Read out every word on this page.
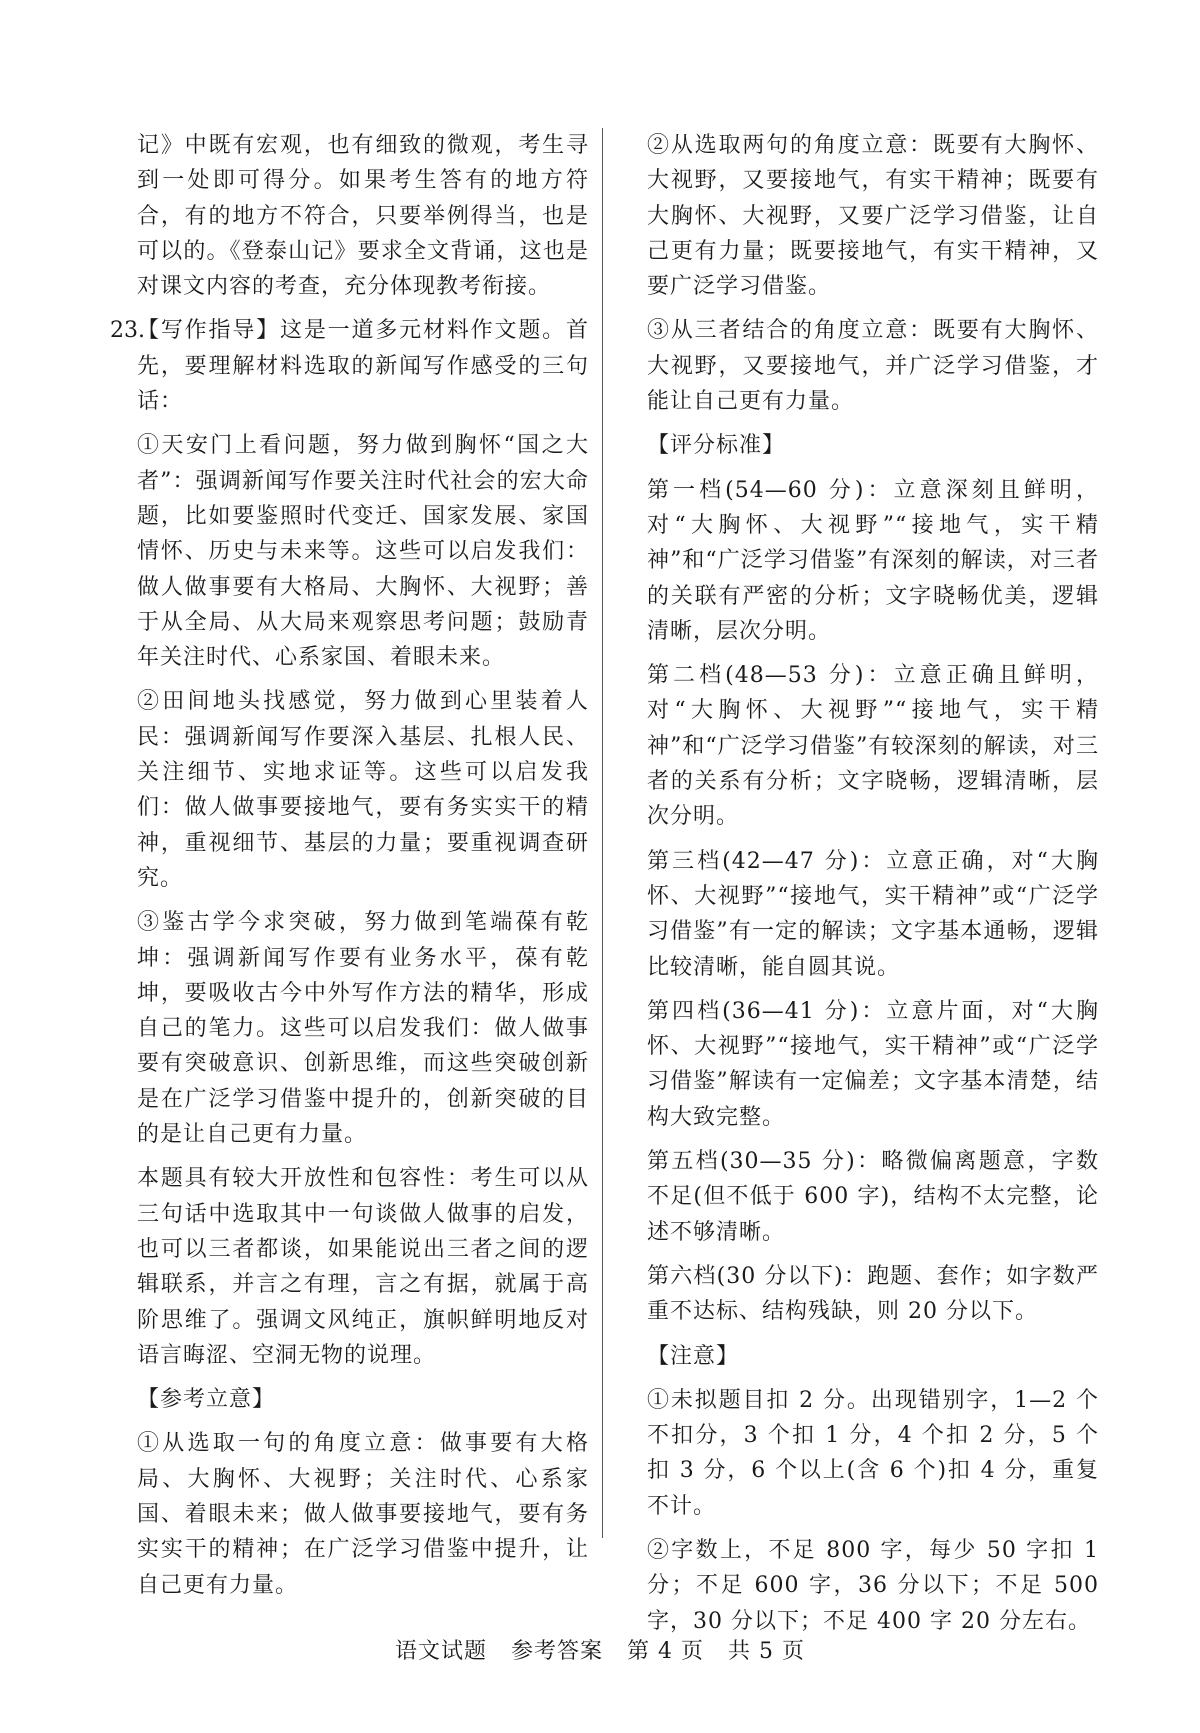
记》中既有宏观，也有细致的微观，考生寻到一处即可得分。如果考生答有的地方符合，有的地方不符合，只要举例得当，也是可以的。《登泰山记》要求全文背诵，这也是对课文内容的考查，充分体现教考衔接。

23.

【写作指导】这是一道多元材料作文题。首先，要理解材料选取的新闻写作感受的三句话：

①天安门上看问题，努力做到胸怀“国之大者”：强调新闻写作要关注时代社会的宏大命题，比如要鉴照时代变迁、国家发展、家国情怀、历史与未来等。这些可以启发我们：做人做事要有大格局、大胸怀、大视野；善于从全局、从大局来观察思考问题；鼓励青年关注时代、心系家国、着眼未来。

②田间地头找感觉，努力做到心里装着人民：强调新闻写作要深入基层、扎根人民、关注细节、实地求证等。这些可以启发我们：做人做事要接地气，要有务实实干的精神，重视细节、基层的力量；要重视调查研究。

③鉴古学今求突破，努力做到笔端葆有乾坤：强调新闻写作要有业务水平，葆有乾坤，要吸收古今中外写作方法的精华，形成自己的笔力。这些可以启发我们：做人做事要有突破意识、创新思维，而这些突破创新是在广泛学习借鉴中提升的，创新突破的目的是让自己更有力量。

本题具有较大开放性和包容性：考生可以从三句话中选取其中一句谈做人做事的启发，也可以三者都谈，如果能说出三者之间的逻辑联系，并言之有理，言之有据，就属于高阶思维了。强调文风纯正，旗帜鲜明地反对语言晦涩、空洞无物的说理。

【参考立意】

①从选取一句的角度立意：做事要有大格局、大胸怀、大视野；关注时代、心系家国、着眼未来；做人做事要接地气，要有务实实干的精神；在广泛学习借鉴中提升，让自己更有力量。

②从选取两句的角度立意：既要有大胸怀、大视野，又要接地气，有实干精神；既要有大胸怀、大视野，又要广泛学习借鉴，让自己更有力量；既要接地气，有实干精神，又要广泛学习借鉴。

③从三者结合的角度立意：既要有大胸怀、大视野，又要接地气，并广泛学习借鉴，才能让自己更有力量。

【评分标准】

第一档(54—60 分)：立意深刻且鲜明，对“大胸怀、大视野”“接地气，实干精神”和“广泛学习借鉴”有深刻的解读，对三者的关联有严密的分析；文字晓畅优美，逻辑清晰，层次分明。

第二档(48—53 分)：立意正确且鲜明，对“大胸怀、大视野”“接地气，实干精神”和“广泛学习借鉴”有较深刻的解读，对三者的关系有分析；文字晓畅，逻辑清晰，层次分明。

第三档(42—47 分)：立意正确，对“大胸怀、大视野”“接地气，实干精神”或“广泛学习借鉴”有一定的解读；文字基本通畅，逻辑比较清晰，能自圆其说。

第四档(36—41 分)：立意片面，对“大胸怀、大视野”“接地气，实干精神”或“广泛学习借鉴”解读有一定偏差；文字基本清楚，结构大致完整。

第五档(30—35 分)：略微偏离题意，字数不足(但不低于 600 字)，结构不太完整，论述不够清晰。

第六档(30 分以下)：跑题、套作；如字数严重不达标、结构残缺，则 20 分以下。

【注意】

①未拟题目扣 2 分。出现错别字，1—2 个不扣分，3 个扣 1 分，4 个扣 2 分，5 个扣 3 分，6 个以上(含 6 个)扣 4 分，重复不计。

②字数上，不足 800 字，每少 50 字扣 1 分；不足 600 字，36 分以下；不足 500 字，30 分以下；不足 400 字 20 分左右。

语文试题 参考答案 第 4 页 共 5 页
